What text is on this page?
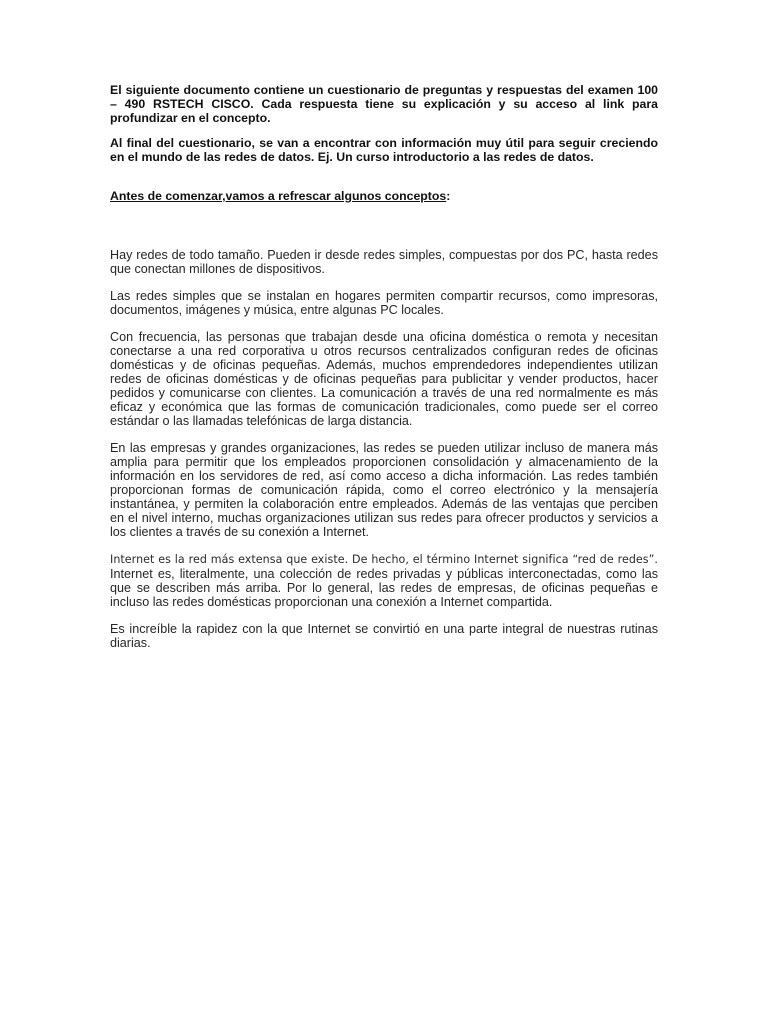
El siguiente documento contiene un cuestionario de preguntas y respuestas del examen 100 – 490 RSTECH CISCO. Cada respuesta tiene su explicación y su acceso al link para profundizar en el concepto.

Al final del cuestionario, se van a encontrar con información muy útil para seguir creciendo en el mundo de las redes de datos. Ej. Un curso introductorio a las redes de datos.

Antes de comenzar,vamos a refrescar algunos conceptos:

Hay redes de todo tamaño. Pueden ir desde redes simples, compuestas por dos PC, hasta redes que conectan millones de dispositivos.

Las redes simples que se instalan en hogares permiten compartir recursos, como impresoras, documentos, imágenes y música, entre algunas PC locales.

Con frecuencia, las personas que trabajan desde una oficina doméstica o remota y necesitan conectarse a una red corporativa u otros recursos centralizados configuran redes de oficinas domésticas y de oficinas pequeñas. Además, muchos emprendedores independientes utilizan redes de oficinas domésticas y de oficinas pequeñas para publicitar y vender productos, hacer pedidos y comunicarse con clientes. La comunicación a través de una red normalmente es más eficaz y económica que las formas de comunicación tradicionales, como puede ser el correo estándar o las llamadas telefónicas de larga distancia.

En las empresas y grandes organizaciones, las redes se pueden utilizar incluso de manera más amplia para permitir que los empleados proporcionen consolidación y almacenamiento de la información en los servidores de red, así como acceso a dicha información. Las redes también proporcionan formas de comunicación rápida, como el correo electrónico y la mensajería instantánea, y permiten la colaboración entre empleados. Además de las ventajas que perciben en el nivel interno, muchas organizaciones utilizan sus redes para ofrecer productos y servicios a los clientes a través de su conexión a Internet.

Internet es la red más extensa que existe. De hecho, el término Internet significa “red de redes”. Internet es, literalmente, una colección de redes privadas y públicas interconectadas, como las que se describen más arriba. Por lo general, las redes de empresas, de oficinas pequeñas e incluso las redes domésticas proporcionan una conexión a Internet compartida.

Es increíble la rapidez con la que Internet se convirtió en una parte integral de nuestras rutinas diarias.
